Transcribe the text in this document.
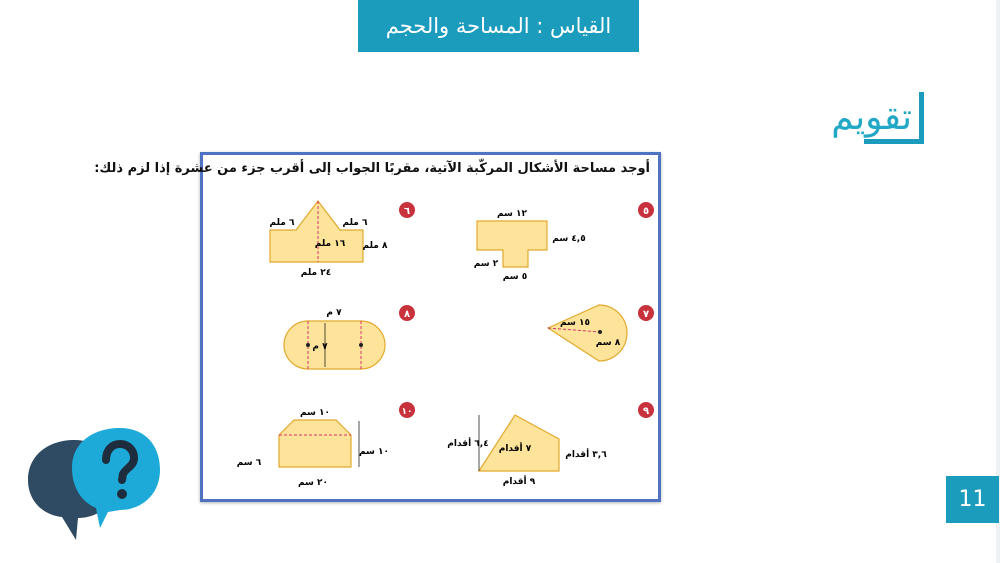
القياس : المساحة والحجم
تقويم
أوجد مساحة الأشكال المركّبة الآتية، مقربًا الجواب إلى أقرب جزء من عشرة إذا لزم ذلك:
٥
١٢ سم
٤,٥ سم
٢ سم
٥ سم
٦
٦ ملم	٦ ملم
١٦ ملم ٨ ملم
٢٤ ملم
٧
١٥ سم
٨ سم
٨
٧ م
٧ م
٩
٦,٤ أقدام ٧ أقدام
٣,٦ أقدام
٩ أقدام
١٠
١٠ سم
١٠ سم
٦ سم
٢٠ سم
11
